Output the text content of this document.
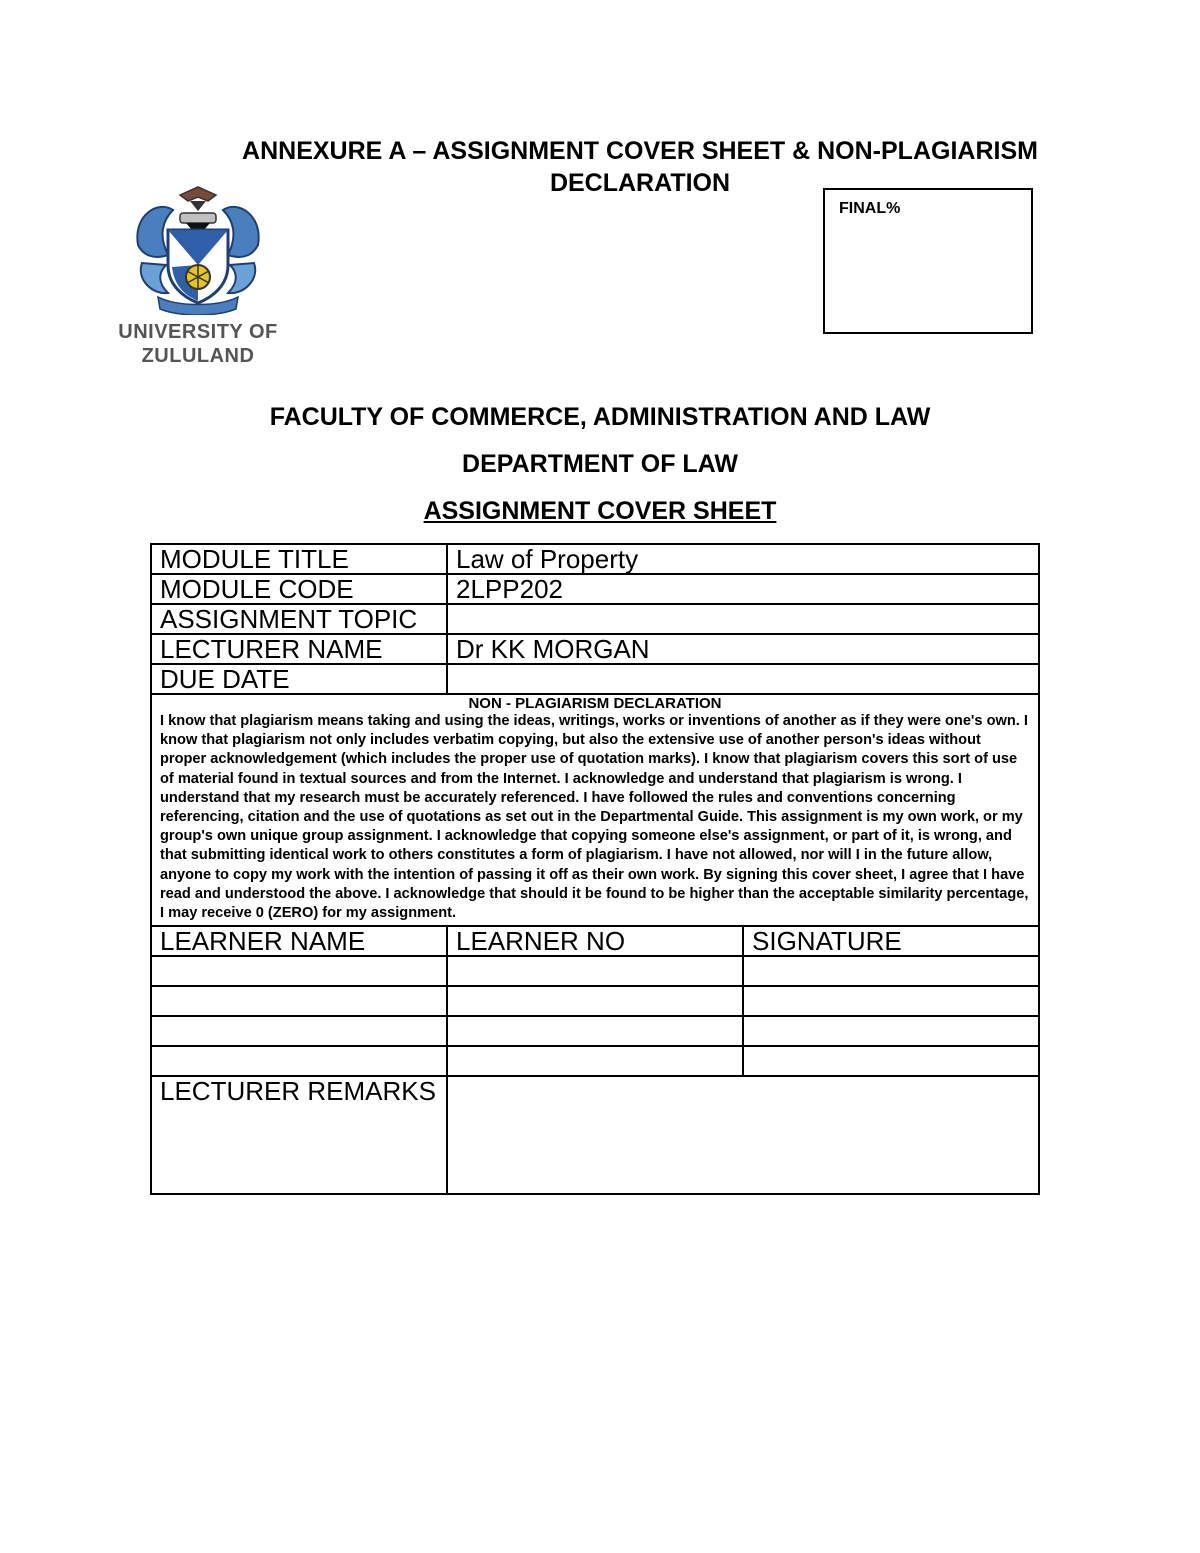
ANNEXURE A – ASSIGNMENT COVER SHEET & NON-PLAGIARISM
DECLARATION
FINAL%
UNIVERSITY OF
ZULULAND
FACULTY OF COMMERCE, ADMINISTRATION AND LAW
DEPARTMENT OF LAW
ASSIGNMENT COVER SHEET
MODULE TITLE	Law of Property	
MODULE CODE	2LPP202	
ASSIGNMENT TOPIC		
LECTURER NAME	Dr KK MORGAN	
DUE DATE		

NON - PLAGIARISM DECLARATION
I know that plagiarism means taking and using the ideas, writings, works or inventions of another as if they were one's own. I know that plagiarism not only includes verbatim copying, but also the extensive use of another person's ideas without proper acknowledgement (which includes the proper use of quotation marks). I know that plagiarism covers this sort of use of material found in textual sources and from the Internet. I acknowledge and understand that plagiarism is wrong. I understand that my research must be accurately referenced. I have followed the rules and conventions concerning referencing, citation and the use of quotations as set out in the Departmental Guide. This assignment is my own work, or my group's own unique group assignment. I acknowledge that copying someone else's assignment, or part of it, is wrong, and that submitting identical work to others constitutes a form of plagiarism. I have not allowed, nor will I in the future allow, anyone to copy my work with the intention of passing it off as their own work. By signing this cover sheet, I agree that I have read and understood the above. I acknowledge that should it be found to be higher than the acceptable similarity percentage, I may receive 0 (ZERO) for my assignment.		

LEARNER NAME	LEARNER NO	SIGNATURE

LECTURER REMARKS		
